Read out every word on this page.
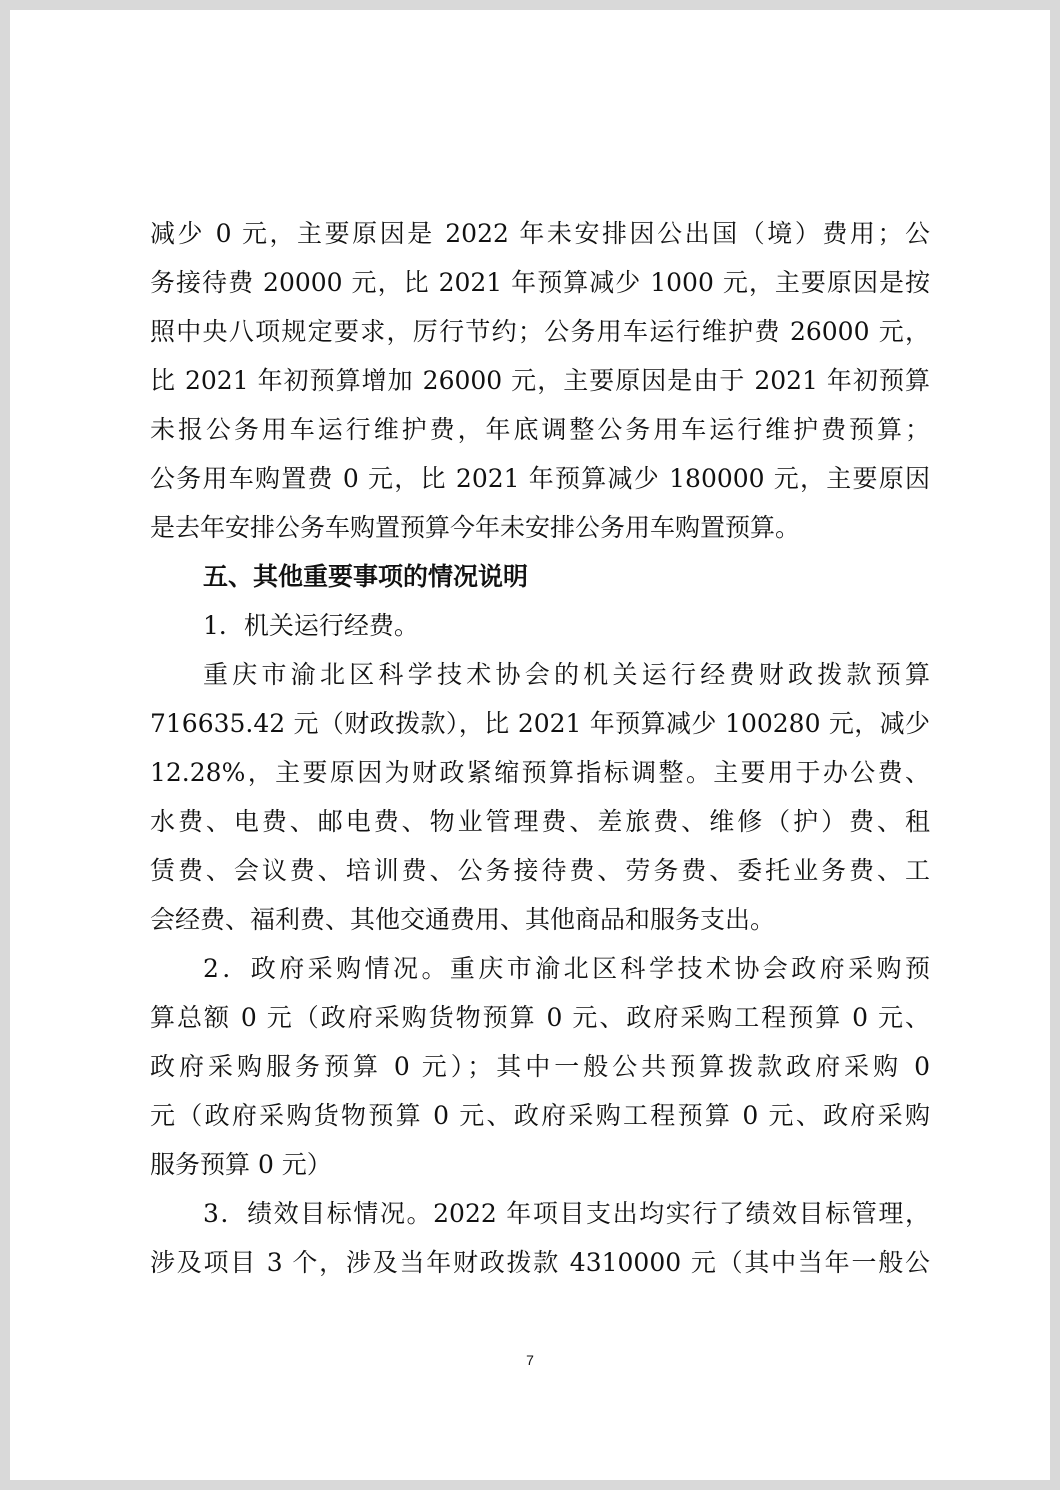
减少 0 元，主要原因是 2022 年未安排因公出国（境）费用；公
务接待费 20000 元，比 2021 年预算减少 1000 元，主要原因是按
照中央八项规定要求，厉行节约；公务用车运行维护费 26000 元，
比 2021 年初预算增加 26000 元，主要原因是由于 2021 年初预算
未报公务用车运行维护费，年底调整公务用车运行维护费预算；
公务用车购置费 0 元，比 2021 年预算减少 180000 元，主要原因
是去年安排公务车购置预算今年未安排公务用车购置预算。
五、其他重要事项的情况说明
1．机关运行经费。
重庆市渝北区科学技术协会的机关运行经费财政拨款预算
716635.42 元（财政拨款），比 2021 年预算减少 100280 元，减少
12.28%，主要原因为财政紧缩预算指标调整。主要用于办公费、
水费、电费、邮电费、物业管理费、差旅费、维修（护）费、租
赁费、会议费、培训费、公务接待费、劳务费、委托业务费、工
会经费、福利费、其他交通费用、其他商品和服务支出。
2．政府采购情况。重庆市渝北区科学技术协会政府采购预
算总额 0 元（政府采购货物预算 0 元、政府采购工程预算 0 元、
政府采购服务预算 0 元）；其中一般公共预算拨款政府采购 0
元（政府采购货物预算 0 元、政府采购工程预算 0 元、政府采购
服务预算 0 元）
3．绩效目标情况。2022 年项目支出均实行了绩效目标管理，
涉及项目 3 个，涉及当年财政拨款 4310000 元（其中当年一般公
7
